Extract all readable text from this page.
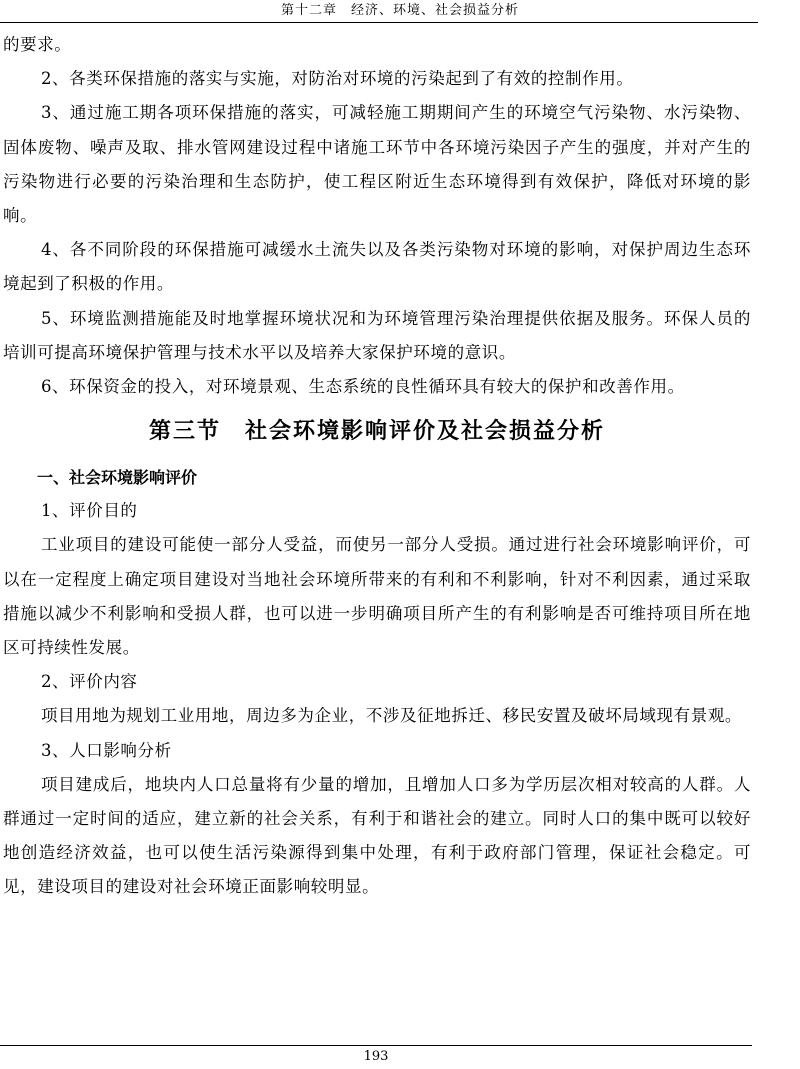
第十二章　经济、环境、社会损益分析

的要求。

2、各类环保措施的落实与实施，对防治对环境的污染起到了有效的控制作用。

3、通过施工期各项环保措施的落实，可减轻施工期期间产生的环境空气污染物、水污染物、固体废物、噪声及取、排水管网建设过程中诸施工环节中各环境污染因子产生的强度，并对产生的污染物进行必要的污染治理和生态防护，使工程区附近生态环境得到有效保护，降低对环境的影响。

4、各不同阶段的环保措施可减缓水土流失以及各类污染物对环境的影响，对保护周边生态环境起到了积极的作用。

5、环境监测措施能及时地掌握环境状况和为环境管理污染治理提供依据及服务。环保人员的培训可提高环境保护管理与技术水平以及培养大家保护环境的意识。

6、环保资金的投入，对环境景观、生态系统的良性循环具有较大的保护和改善作用。

第三节　社会环境影响评价及社会损益分析
一、社会环境影响评价

1、评价目的

工业项目的建设可能使一部分人受益，而使另一部分人受损。通过进行社会环境影响评价，可以在一定程度上确定项目建设对当地社会环境所带来的有利和不利影响，针对不利因素，通过采取措施以减少不利影响和受损人群，也可以进一步明确项目所产生的有利影响是否可维持项目所在地区可持续性发展。

2、评价内容

项目用地为规划工业用地，周边多为企业，不涉及征地拆迁、移民安置及破坏局域现有景观。

3、人口影响分析

项目建成后，地块内人口总量将有少量的增加，且增加人口多为学历层次相对较高的人群。人群通过一定时间的适应，建立新的社会关系，有利于和谐社会的建立。同时人口的集中既可以较好地创造经济效益，也可以使生活污染源得到集中处理，有利于政府部门管理，保证社会稳定。可见，建设项目的建设对社会环境正面影响较明显。

193
